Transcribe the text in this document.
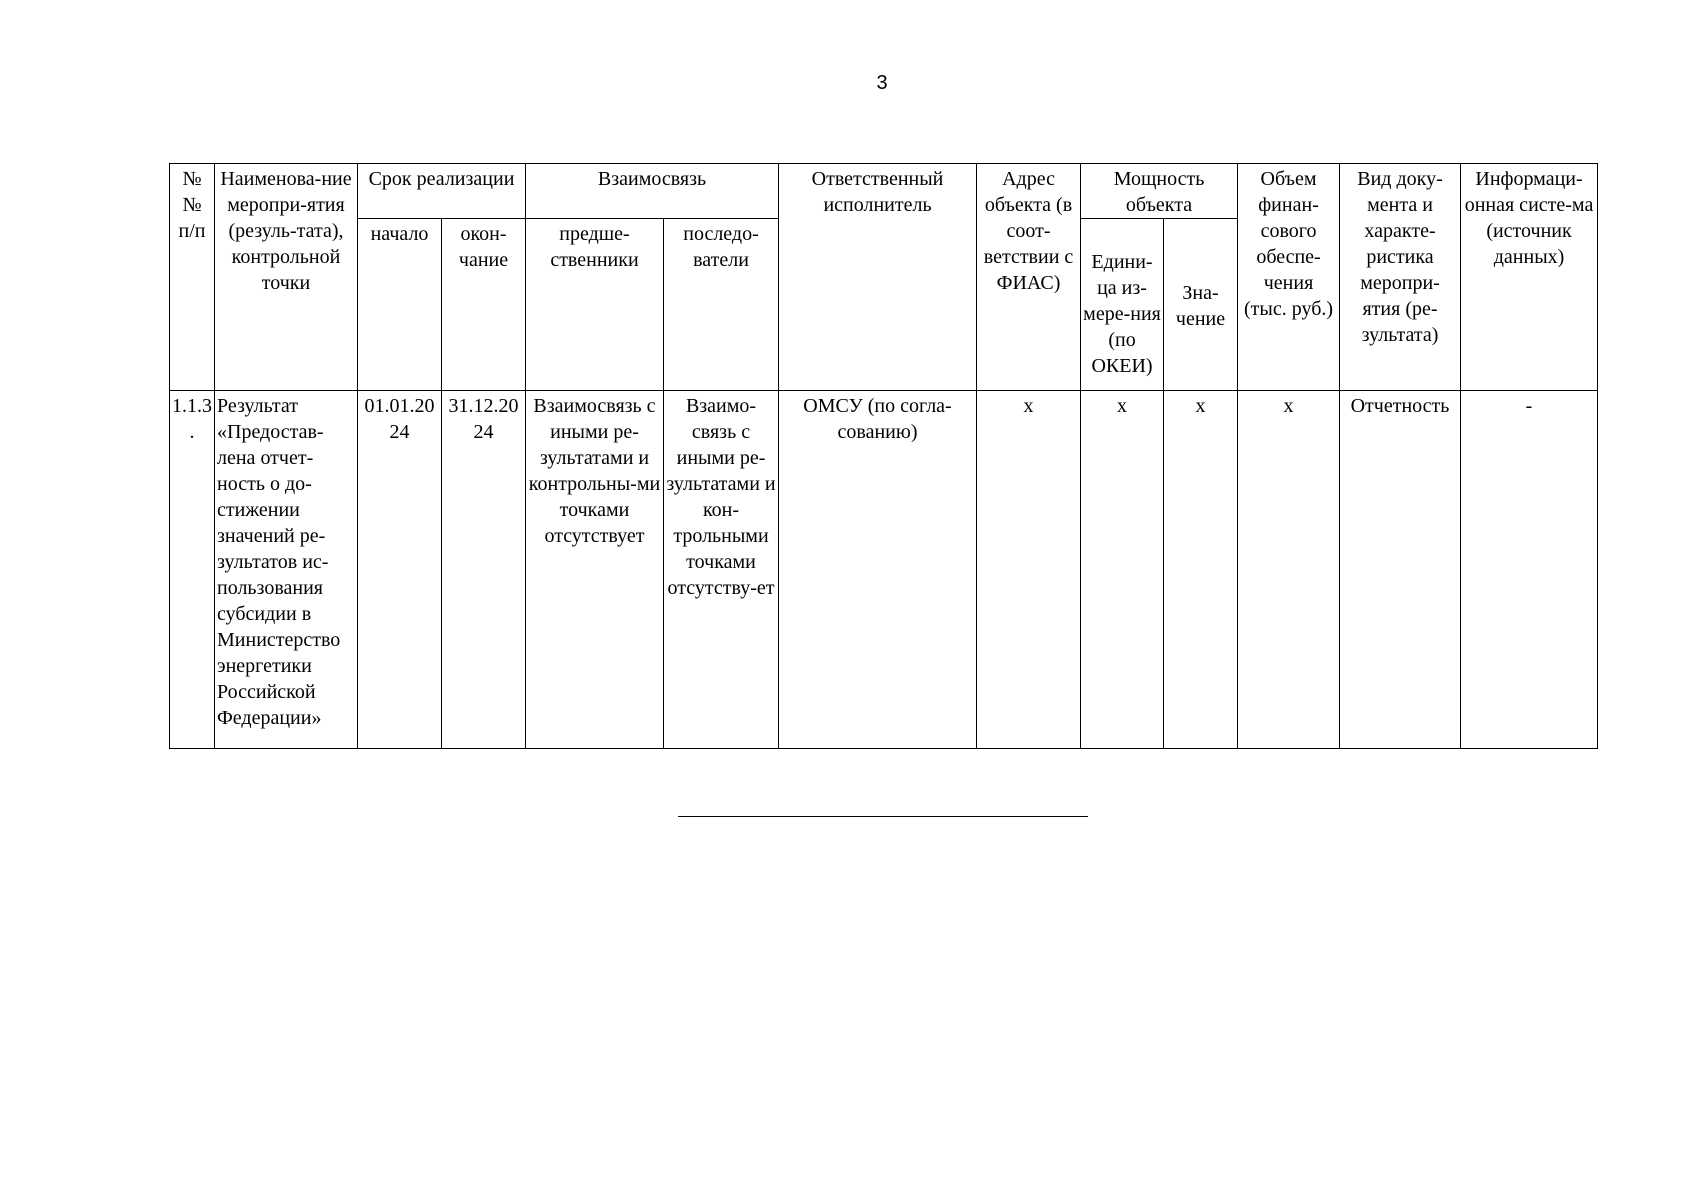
3
№ № п/п	Наименова-ние меропри-ятия (резуль-тата), контрольной точки	Срок реализации		Взаимосвязь		Ответственный исполнитель	Адрес объекта (в соот-ветствии с ФИАС)	Мощность объекта		Объем финан-сового обеспе-чения (тыс. руб.)	Вид доку-мента и характе-ристика меропри-ятия (ре-зультата)	Информаци-онная систе-ма (источник данных)
		начало	окон-чание	предше-ственники	последо-ватели			Едини-ца из-мере-ния (по ОКЕИ)	Зна-чение			
1.1.3.	Результат «Предостав-лена отчет-ность о до-стижении значений ре-зультатов ис-пользования субсидии в Министерство энергетики Российской Федерации»	01.01.2024	31.12.2024	Взаимосвязь с иными ре-зультатами и контрольны-ми точками отсутствует	Взаимо-связь с иными ре-зультатами и кон-трольными точками отсутству-ет	ОМСУ (по согла-сованию)	x	x	x	x	Отчетность	-
